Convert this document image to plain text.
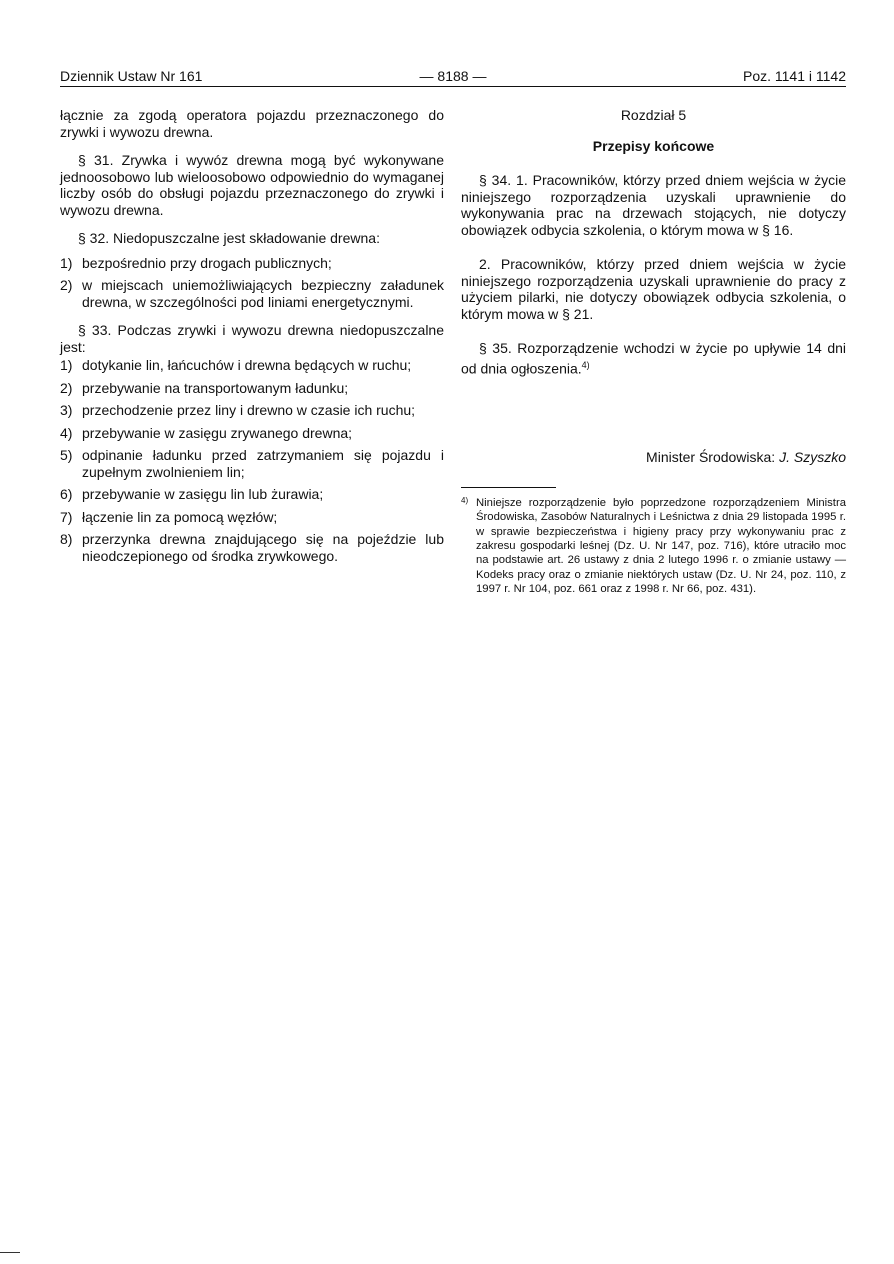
Dziennik Ustaw Nr 161	— 8188 —	Poz. 1141 i 1142

łącznie za zgodą operatora pojazdu przeznaczonego do zrywki i wywozu drewna.

§ 31. Zrywka i wywóz drewna mogą być wykonywane jednoosobowo lub wieloosobowo odpowiednio do wymaganej liczby osób do obsługi pojazdu przeznaczonego do zrywki i wywozu drewna.

§ 32. Niedopuszczalne jest składowanie drewna:

1) bezpośrednio przy drogach publicznych;
2) w miejscach uniemożliwiających bezpieczny załadunek drewna, w szczególności pod liniami energetycznymi.

§ 33. Podczas zrywki i wywozu drewna niedopuszczalne jest:

1) dotykanie lin, łańcuchów i drewna będących w ruchu;
2) przebywanie na transportowanym ładunku;
3) przechodzenie przez liny i drewno w czasie ich ruchu;
4) przebywanie w zasięgu zrywanego drewna;
5) odpinanie ładunku przed zatrzymaniem się pojazdu i zupełnym zwolnieniem lin;
6) przebywanie w zasięgu lin lub żurawia;
7) łączenie lin za pomocą węzłów;
8) przerzynka drewna znajdującego się na pojeździe lub nieodczepionego od środka zrywkowego.

Rozdział 5

Przepisy końcowe

§ 34. 1. Pracowników, którzy przed dniem wejścia w życie niniejszego rozporządzenia uzyskali uprawnienie do wykonywania prac na drzewach stojących, nie dotyczy obowiązek odbycia szkolenia, o którym mowa w § 16.

2. Pracowników, którzy przed dniem wejścia w życie niniejszego rozporządzenia uzyskali uprawnienie do pracy z użyciem pilarki, nie dotyczy obowiązek odbycia szkolenia, o którym mowa w § 21.

§ 35. Rozporządzenie wchodzi w życie po upływie 14 dni od dnia ogłoszenia.$^{4)}$

Minister Środowiska: J. Szyszko

4) Niniejsze rozporządzenie było poprzedzone rozporządzeniem Ministra Środowiska, Zasobów Naturalnych i Leśnictwa z dnia 29 listopada 1995 r. w sprawie bezpieczeństwa i higieny pracy przy wykonywaniu prac z zakresu gospodarki leśnej (Dz. U. Nr 147, poz. 716), które utraciło moc na podstawie art. 26 ustawy z dnia 2 lutego 1996 r. o zmianie ustawy — Kodeks pracy oraz o zmianie niektórych ustaw (Dz. U. Nr 24, poz. 110, z 1997 r. Nr 104, poz. 661 oraz z 1998 r. Nr 66, poz. 431).
